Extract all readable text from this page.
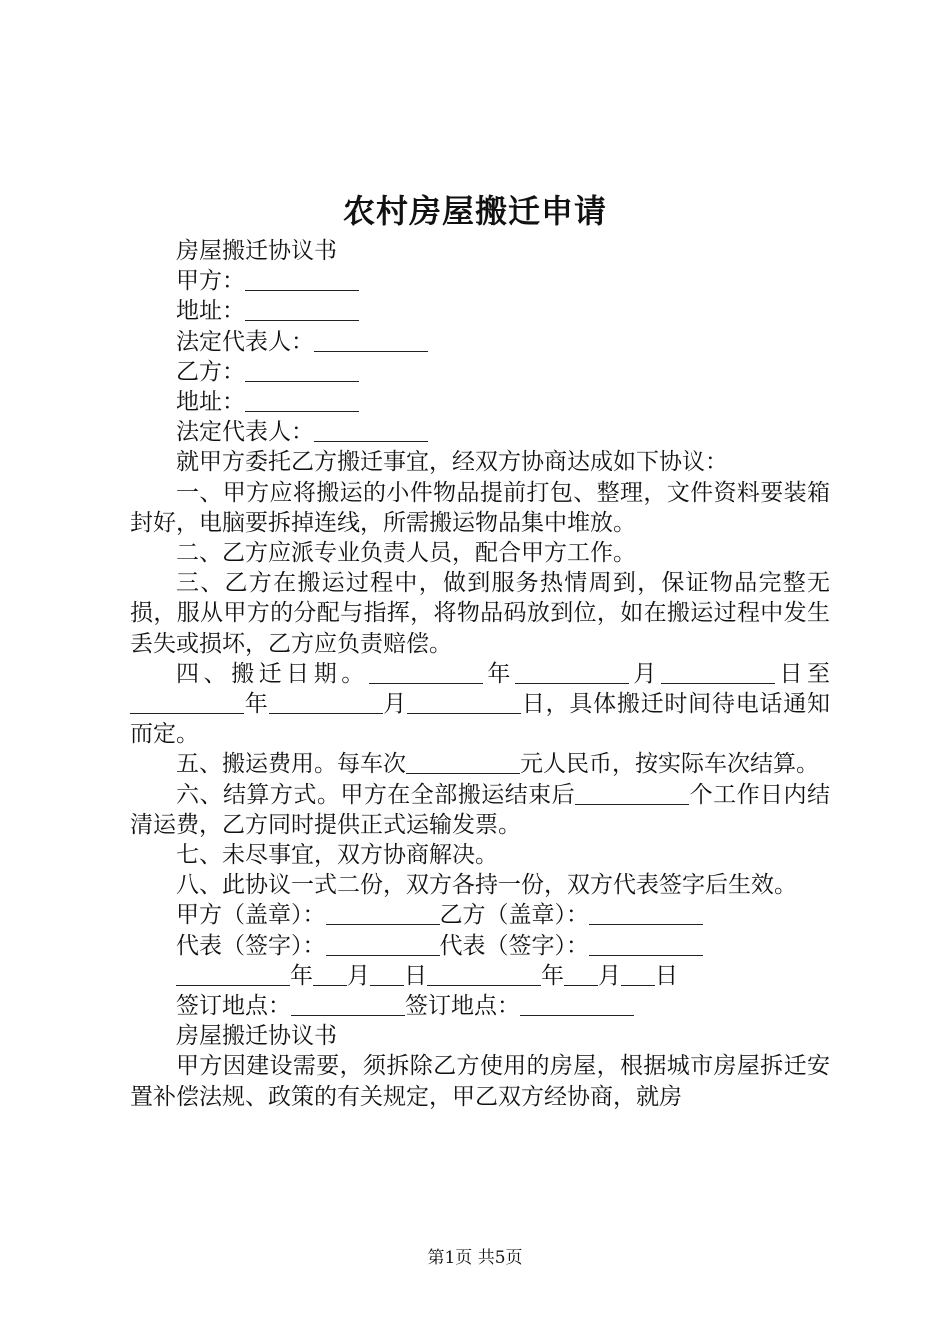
农村房屋搬迁申请

房屋搬迁协议书

甲方：

地址：

法定代表人：

乙方：

地址：

法定代表人：

就甲方委托乙方搬迁事宜，经双方协商达成如下协议：

一、甲方应将搬运的小件物品提前打包、整理，文件资料要装箱封好，电脑要拆掉连线，所需搬运物品集中堆放。

二、乙方应派专业负责人员，配合甲方工作。

三、乙方在搬运过程中，做到服务热情周到，保证物品完整无损，服从甲方的分配与指挥，将物品码放到位，如在搬运过程中发生丢失或损坏，乙方应负责赔偿。

四、搬迁日期。	年	月	日至年	月	日，具体搬迁时间待电话通知而定。

五、搬运费用。每车次	元人民币，按实际车次结算。

六、结算方式。甲方在全部搬运结束后	个工作日内结清运费，乙方同时提供正式运输发票。

七、未尽事宜，双方协商解决。

八、此协议一式二份，双方各持一份，双方代表签字后生效。

甲方（盖章）：	乙方（盖章）：

代表（签字）：	代表（签字）：

年 月 日	年 月 日

签订地点：	签订地点：

房屋搬迁协议书

甲方因建设需要，须拆除乙方使用的房屋，根据城市房屋拆迁安置补偿法规、政策的有关规定，甲乙双方经协商，就房

第1页 共5页
